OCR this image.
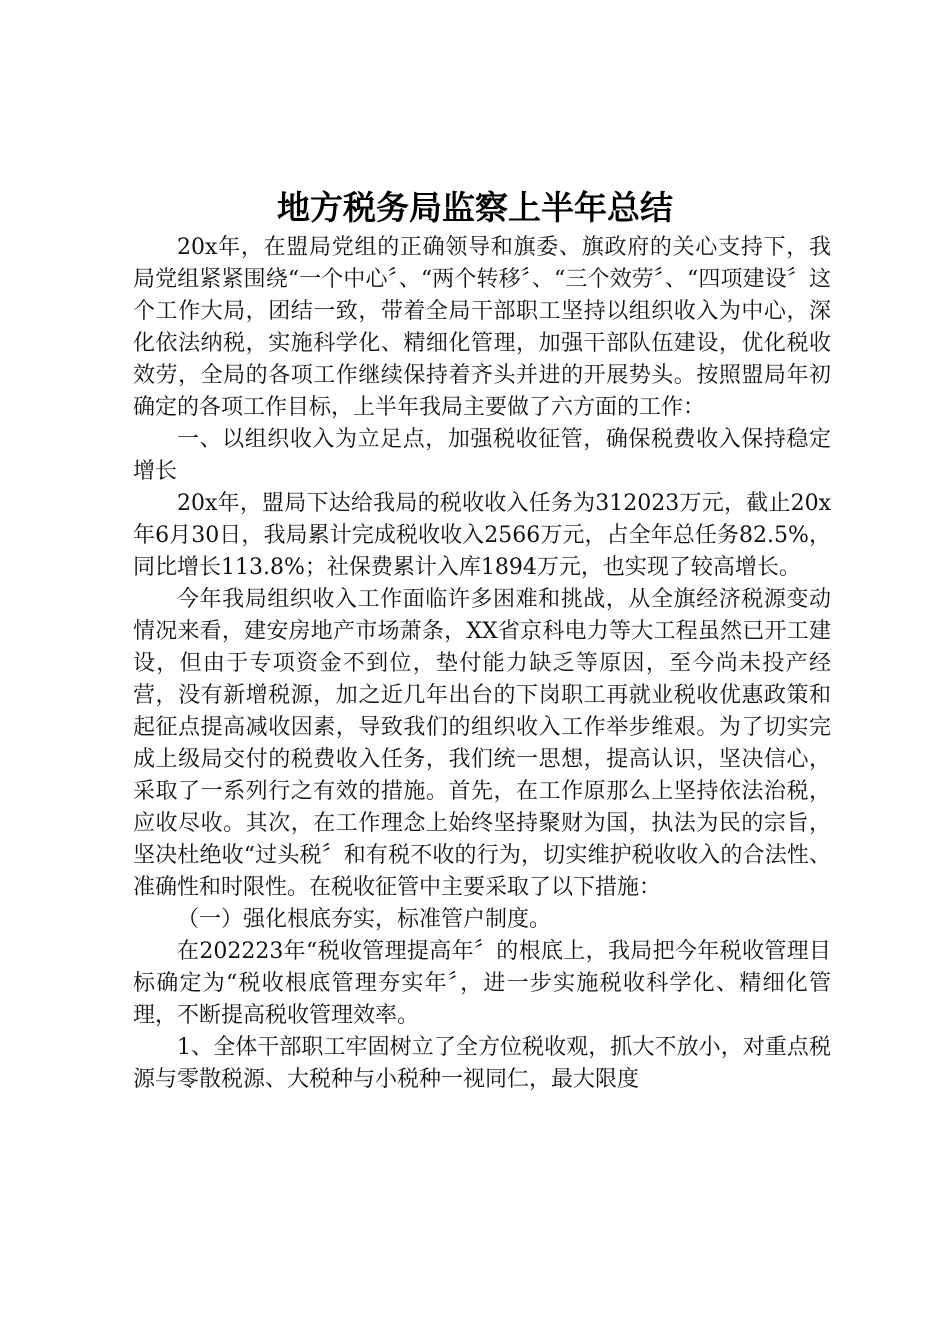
地方税务局监察上半年总结

20x年，在盟局党组的正确领导和旗委、旗政府的关心支持下，我局党组紧紧围绕“一个中心〞、“两个转移〞、“三个效劳〞、“四项建设〞这个工作大局，团结一致，带着全局干部职工坚持以组织收入为中心，深化依法纳税，实施科学化、精细化管理，加强干部队伍建设，优化税收效劳，全局的各项工作继续保持着齐头并进的开展势头。按照盟局年初确定的各项工作目标，上半年我局主要做了六方面的工作：

一、以组织收入为立足点，加强税收征管，确保税费收入保持稳定增长

20x年，盟局下达给我局的税收收入任务为312023万元，截止20x年6月30日，我局累计完成税收收入2566万元，占全年总任务82.5%，同比增长113.8%；社保费累计入库1894万元，也实现了较高增长。

今年我局组织收入工作面临许多困难和挑战，从全旗经济税源变动情况来看，建安房地产市场萧条，XX省京科电力等大工程虽然已开工建设，但由于专项资金不到位，垫付能力缺乏等原因，至今尚未投产经营，没有新增税源，加之近几年出台的下岗职工再就业税收优惠政策和起征点提高减收因素，导致我们的组织收入工作举步维艰。为了切实完成上级局交付的税费收入任务，我们统一思想，提高认识，坚决信心，采取了一系列行之有效的措施。首先，在工作原那么上坚持依法治税，应收尽收。其次，在工作理念上始终坚持聚财为国，执法为民的宗旨，坚决杜绝收“过头税〞和有税不收的行为，切实维护税收收入的合法性、准确性和时限性。在税收征管中主要采取了以下措施：

（一）强化根底夯实，标准管户制度。

在202223年“税收管理提高年〞的根底上，我局把今年税收管理目标确定为“税收根底管理夯实年〞，进一步实施税收科学化、精细化管理，不断提高税收管理效率。

1、全体干部职工牢固树立了全方位税收观，抓大不放小，对重点税源与零散税源、大税种与小税种一视同仁，最大限度
